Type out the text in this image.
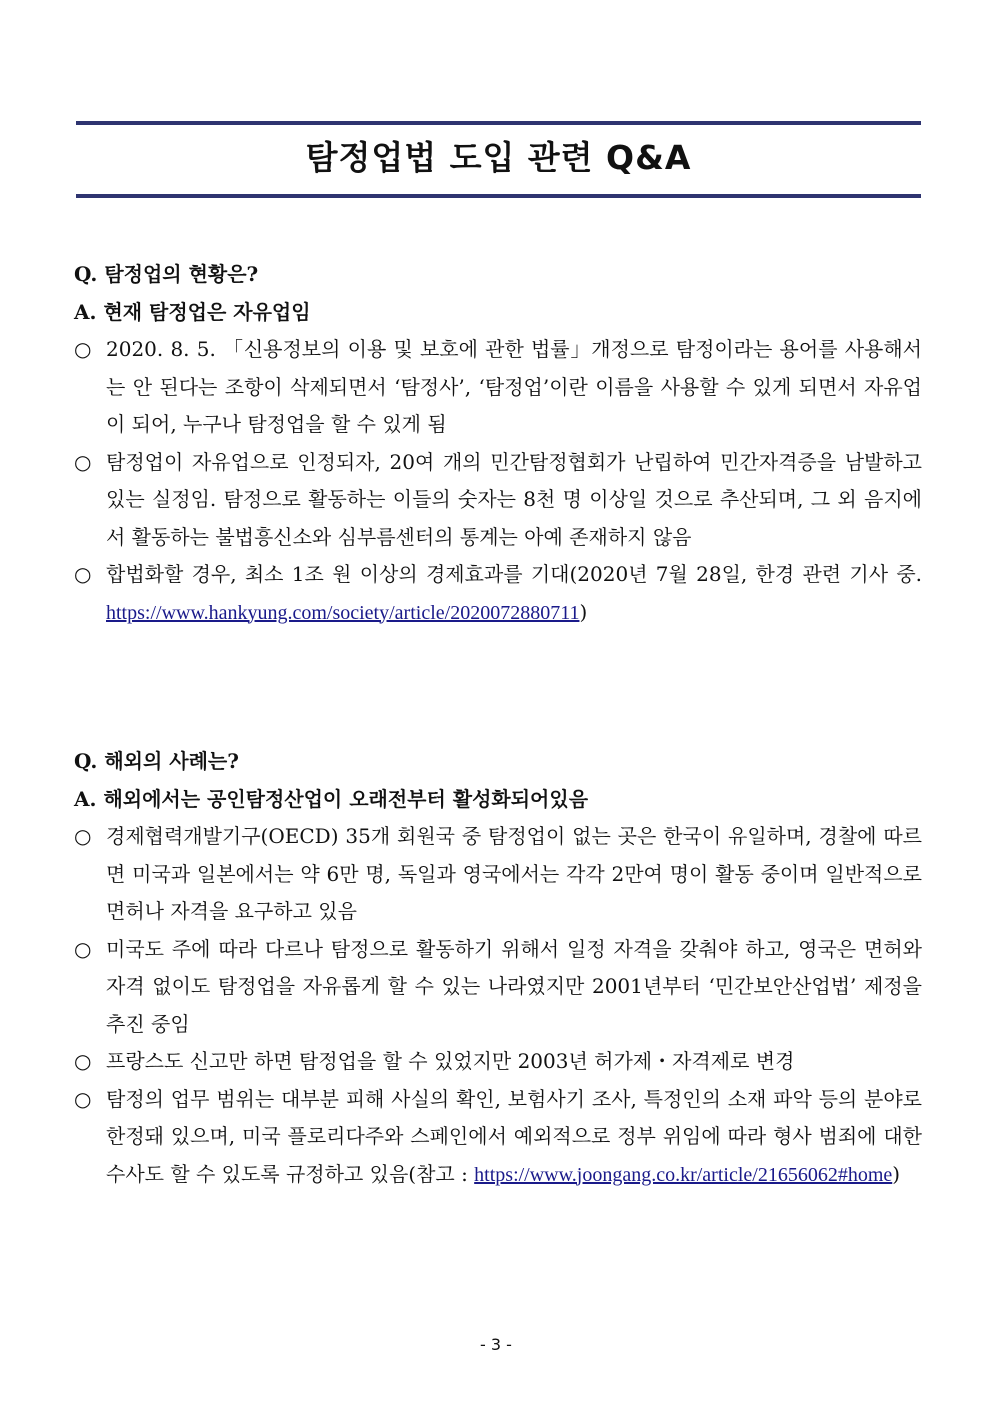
탐정업법 도입 관련 Q&A
Q. 탐정업의 현황은?
A. 현재 탐정업은 자유업임
○ 2020. 8. 5. 「신용정보의 이용 및 보호에 관한 법률」개정으로 탐정이라는 용어를 사용해서는 안 된다는 조항이 삭제되면서 ‘탐정사’, ‘탐정업’이란 이름을 사용할 수 있게 되면서 자유업이 되어, 누구나 탐정업을 할 수 있게 됨
○ 탐정업이 자유업으로 인정되자, 20여 개의 민간탐정협회가 난립하여 민간자격증을 남발하고 있는 실정임. 탐정으로 활동하는 이들의 숫자는 8천 명 이상일 것으로 추산되며, 그 외 음지에서 활동하는 불법흥신소와 심부름센터의 통계는 아예 존재하지 않음
○ 합법화할 경우, 최소 1조 원 이상의 경제효과를 기대(2020년 7월 28일, 한경 관련 기사 중. https://www.hankyung.com/society/article/2020072880711)
Q. 해외의 사례는?
A. 해외에서는 공인탐정산업이 오래전부터 활성화되어있음
○ 경제협력개발기구(OECD) 35개 회원국 중 탐정업이 없는 곳은 한국이 유일하며, 경찰에 따르면 미국과 일본에서는 약 6만 명, 독일과 영국에서는 각각 2만여 명이 활동 중이며 일반적으로 면허나 자격을 요구하고 있음
○ 미국도 주에 따라 다르나 탐정으로 활동하기 위해서 일정 자격을 갖춰야 하고, 영국은 면허와 자격 없이도 탐정업을 자유롭게 할 수 있는 나라였지만 2001년부터 ‘민간보안산업법’ 제정을 추진 중임
○ 프랑스도 신고만 하면 탐정업을 할 수 있었지만 2003년 허가제・자격제로 변경
○ 탐정의 업무 범위는 대부분 피해 사실의 확인, 보험사기 조사, 특정인의 소재 파악 등의 분야로 한정돼 있으며, 미국 플로리다주와 스페인에서 예외적으로 정부 위임에 따라 형사 범죄에 대한 수사도 할 수 있도록 규정하고 있음(참고 : https://www.joongang.co.kr/article/21656062#home)
- 3 -
